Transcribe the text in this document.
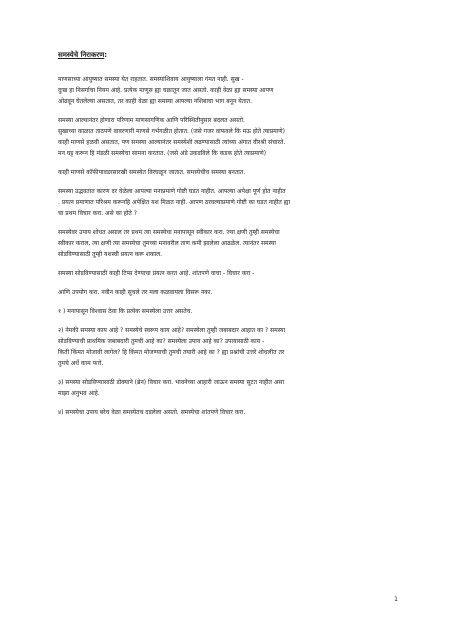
समस्येचे निराकरण:
माणसाच्या आयुष्यात समस्या येत राहतात. समस्यांशिवाय आयुष्याला गंमत नाही. सुख -
दुःख हा निसर्गाचा नियम आहे. प्रत्येक माणूस ह्या चक्रातून जात असतो. काही वेळा ह्या समस्या आपण
ओढवून घेतलेल्या असतात, तर काही वेळा ह्या समस्या आपल्या नशिबाचा भाग बनून येतात.
समस्या आल्यानंतर होणारा परिणाम माणसागणिक आणि परिस्थितीनुसार बदलत असतो.
सुखाच्या काळात ताठपणे वावरणारी माणसे गर्भगळीत होतात. (जसे गजर वाफवले कि मऊ होते त्याप्रमाणे)
काही माणसे हळवी असतात, पण समस्या आल्यानंतर समस्येशी लढण्यासाठी त्यांच्या अंगात वीरश्री संचारते.
मन घट्ट करून हि मंडळी समस्येचा सामना करतात. (जसे अंडे उकडविले कि कडक होते त्याप्रमाणे)
काही माणसे कॉफीपावडरसारखी समस्येत विरघळून जातात. समस्येचीच समस्या बनतात.
समस्या उद्भवतात कारण दर वेळेला आपल्या मनाप्रमाणे गोष्टी घडत नाहीत. आपल्या अपेक्षा पूर्ण होत नाहीत
. प्रयत्न प्रमाणात परिश्रम करूनहि अपेक्षित यश मिळत नाही. आपण ठरवल्याप्रमाणे गोष्टी का घडत नाहीत ह्या
चा प्रथम विचार करा. असे का होते ?
समस्येवर उपाय शोधत असाल तर प्रथम त्या समस्येचा मनापासून स्वीकार करा. ज्या क्षणी तुम्ही समस्येचा
स्वीकार कराल, त्या क्षणी त्या समस्येचा तुमच्या मनावरील ताण कमी झालेला आढळेल. त्यानंतर समस्या
सोडविण्यासाठी तुम्ही यशस्वी प्रयत्न करू शकाल.
समस्या सोडविण्यासाठी काही टिप्स देण्याचा प्रयत्न करत आहे. शांतपणे वाचा - विचार करा -
आणि उपयोग करा. नवीन काही सुचले तर मला कळवायला विसरू नका.
१ ) मनापासून विश्वास ठेवा कि प्रत्येक समस्येला उत्तर असतेच.
२) नेमकी समस्या काय आहे ? समस्येचे स्वरूप काय आहे? समस्येला तुम्ही जबाबदार आहात का ? समस्या
सोडविण्याची प्राथमिक जबाबदारी तुमची आहे का? समस्येला उपाय आहे का? उपायासाठी काय -
किती किंमत मोजावी लागेल? हि किंमत मोजण्याची तुमची तयारी आहे का ? ह्या प्रश्नांची उत्तरे शोधलीत तर
तुमचे अर्धे काम फत्ते.
३) समस्या सोडविण्यासाठी डोक्याने (ब्रेन) विचार करा. भावनेच्या आहारी जाऊन समस्या सुटत नाहीत असा
माझा अनुभव आहे.
४) समस्येचा उपाय बरेच वेळा समस्येतच दडलेला असतो. समस्येचा शांतपणे विचार करा.
1
